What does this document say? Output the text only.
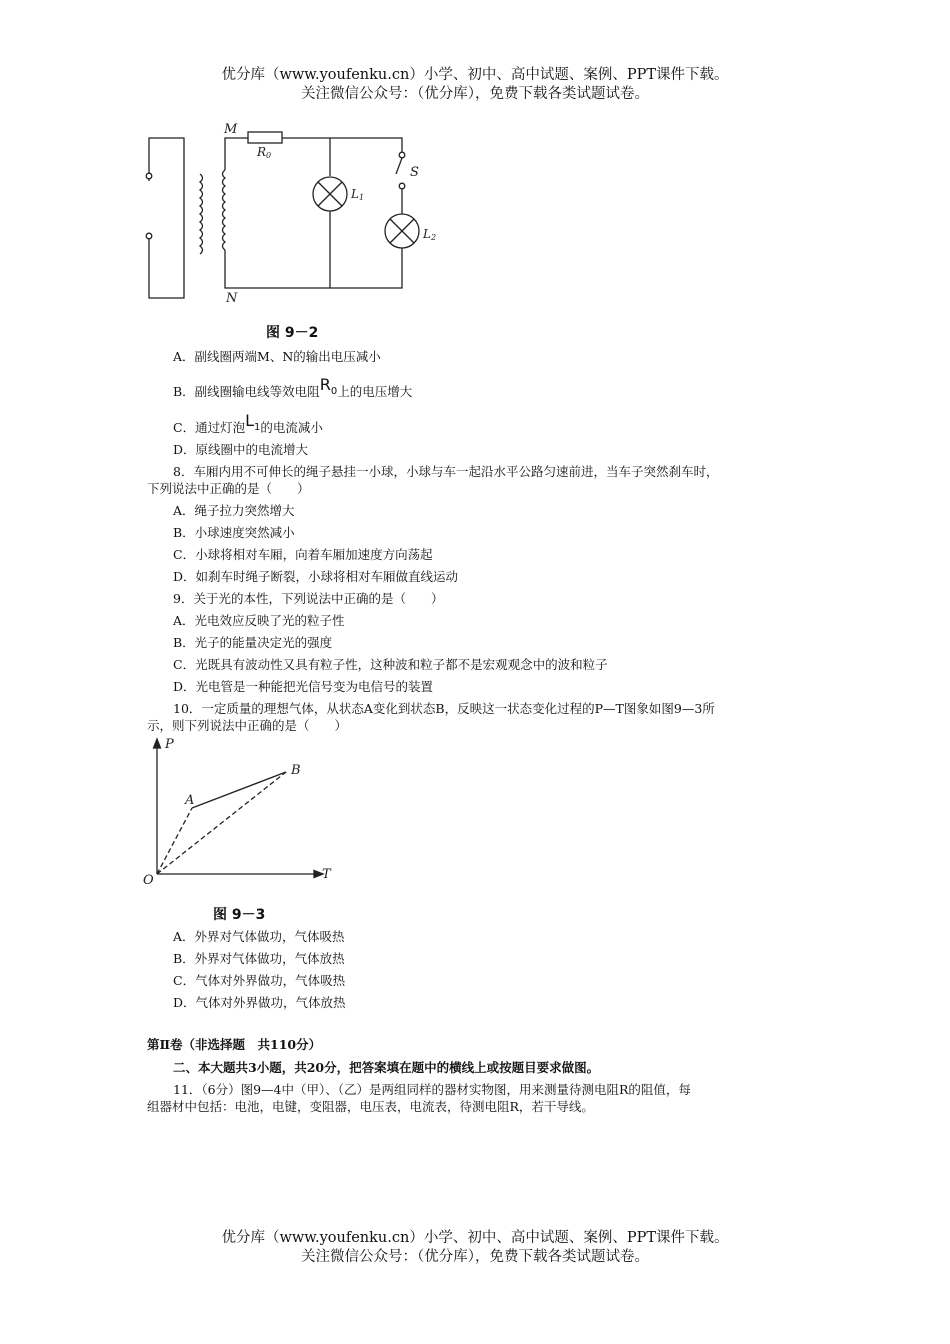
优分库（www.youfenku.cn）小学、初中、高中试题、案例、PPT课件下载。
关注微信公众号：（优分库），免费下载各类试题试卷。
M
N
R0
L1
S
L2
图 9－2
A．副线圈两端M、N的输出电压减小
B．副线圈输电线等效电阻$R_0$上的电压增大
C．通过灯泡$L_1$的电流减小
D．原线圈中的电流增大
8．车厢内用不可伸长的绳子悬挂一小球，小球与车一起沿水平公路匀速前进，当车子突然刹车时，
下列说法中正确的是（　　）
A．绳子拉力突然增大
B．小球速度突然减小
C．小球将相对车厢，向着车厢加速度方向荡起
D．如刹车时绳子断裂，小球将相对车厢做直线运动
9．关于光的本性，下列说法中正确的是（　　）
A．光电效应反映了光的粒子性
B．光子的能量决定光的强度
C．光既具有波动性又具有粒子性，这种波和粒子都不是宏观观念中的波和粒子
D．光电管是一种能把光信号变为电信号的装置
10．一定质量的理想气体，从状态A变化到状态B，反映这一状态变化过程的P—T图象如图9—3所
示，则下列说法中正确的是（　　）
P
T
O
A
B
图 9－3
A．外界对气体做功，气体吸热
B．外界对气体做功，气体放热
C．气体对外界做功，气体吸热
D．气体对外界做功，气体放热
第Ⅱ卷（非选择题　共110分）
二、本大题共3小题，共20分，把答案填在题中的横线上或按题目要求做图。
11．（6分）图9—4中（甲）、（乙）是两组同样的器材实物图，用来测量待测电阻R的阻值，每
组器材中包括：电池，电键，变阻器，电压表，电流表，待测电阻R，若干导线。
优分库（www.youfenku.cn）小学、初中、高中试题、案例、PPT课件下载。
关注微信公众号：（优分库），免费下载各类试题试卷。
